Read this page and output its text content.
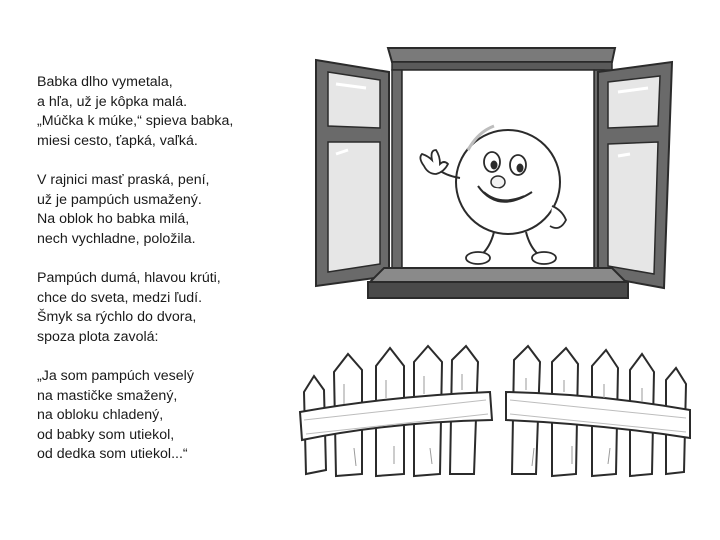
Babka dlho vymetala,
a hľa, už je kôpka malá.
„Múčka k múke,“ spieva babka,
miesi cesto, ťapká, vaľká.
V rajnici masť praská, pení,
už je pampúch usmažený.
Na oblok ho babka milá,
nech vychladne, položila.
Pampúch dumá, hlavou krúti,
chce do sveta, medzi ľudí.
Šmyk sa rýchlo do dvora,
spoza plota zavolá:
„Ja som pampúch veselý
na mastičke smažený,
na obloku chladený,
od babky som utiekol,
od dedka som utiekol...“
